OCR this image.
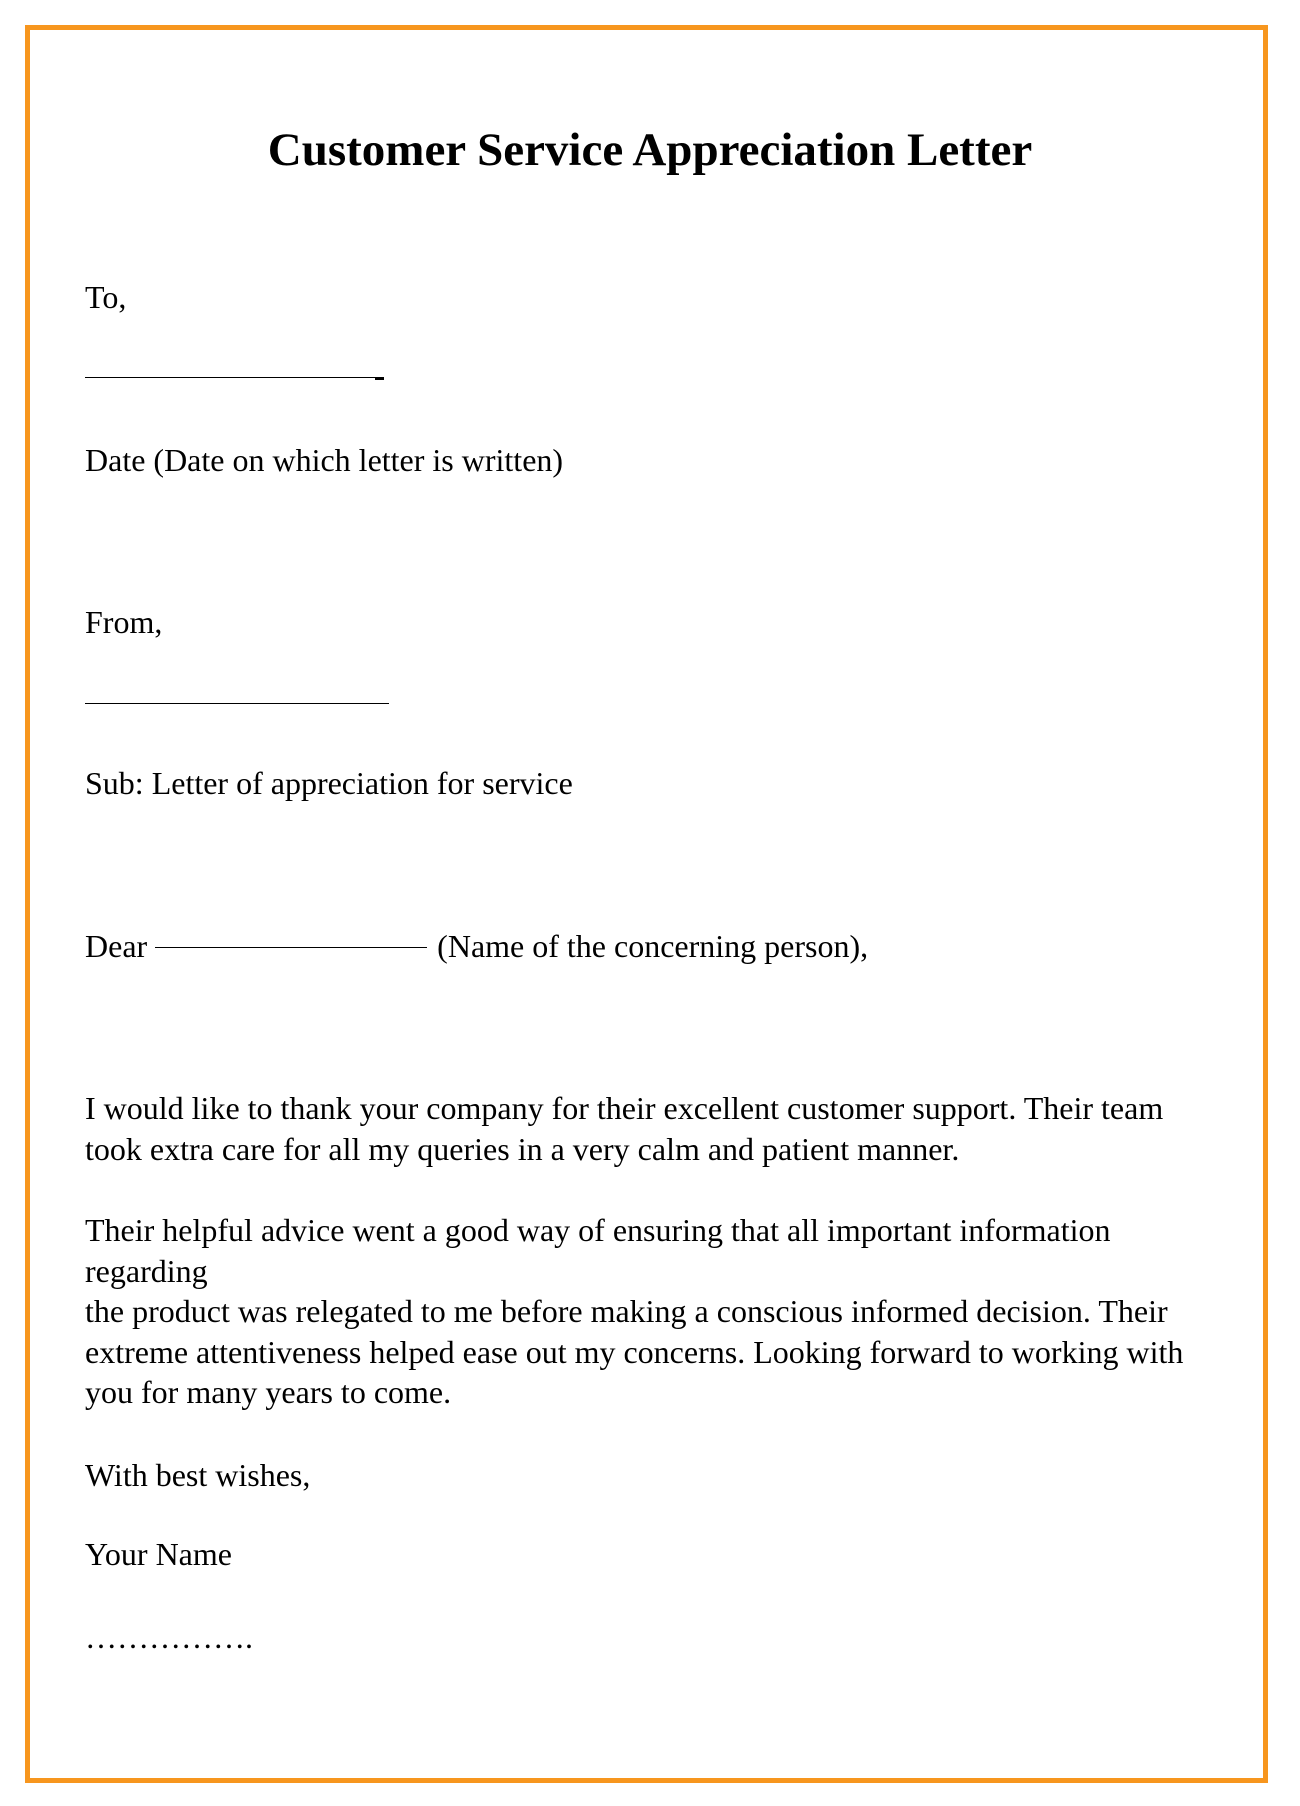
Customer Service Appreciation Letter
To,
Date (Date on which letter is written)
From,
Sub: Letter of appreciation for service
Dear	(Name of the concerning person),
I would like to thank your company for their excellent customer support. Their team
took extra care for all my queries in a very calm and patient manner.
Their helpful advice went a good way of ensuring that all important information
regarding
the product was relegated to me before making a conscious informed decision. Their
extreme attentiveness helped ease out my concerns. Looking forward to working with
you for many years to come.
With best wishes,
Your Name
…………….
